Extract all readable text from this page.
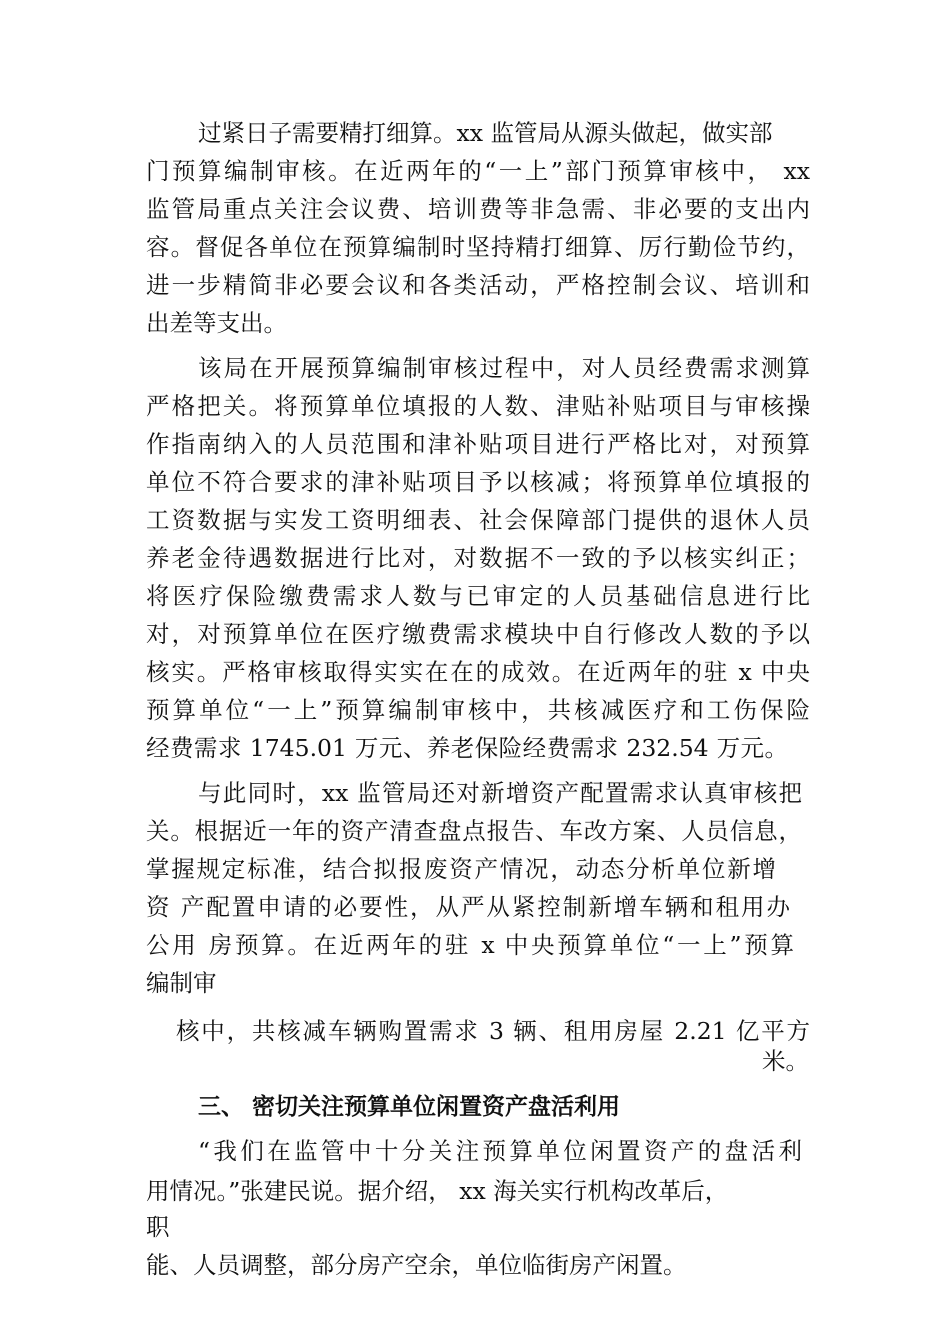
过紧日子需要精打细算。xx 监管局从源头做起，做实部
门预算编制审核。在近两年的“一上”部门预算审核中， xx
监管局重点关注会议费、培训费等非急需、非必要的支出内
容。督促各单位在预算编制时坚持精打细算、厉行勤俭节约，
进一步精简非必要会议和各类活动，严格控制会议、培训和
出差等支出。
该局在开展预算编制审核过程中，对人员经费需求测算
严格把关。将预算单位填报的人数、津贴补贴项目与审核操
作指南纳入的人员范围和津补贴项目进行严格比对，对预算
单位不符合要求的津补贴项目予以核减；将预算单位填报的
工资数据与实发工资明细表、社会保障部门提供的退休人员
养老金待遇数据进行比对，对数据不一致的予以核实纠正；
将医疗保险缴费需求人数与已审定的人员基础信息进行比
对，对预算单位在医疗缴费需求模块中自行修改人数的予以
核实。严格审核取得实实在在的成效。在近两年的驻 x 中央
预算单位“一上”预算编制审核中，共核减医疗和工伤保险
经费需求 1745.01 万元、养老保险经费需求 232.54 万元。
与此同时，xx 监管局还对新增资产配置需求认真审核把
关。根据近一年的资产清查盘点报告、车改方案、人员信息，
掌握规定标准，结合拟报废资产情况，动态分析单位新增
资 产配置申请的必要性，从严从紧控制新增车辆和租用办
公用 房预算。在近两年的驻 x 中央预算单位“一上”预算
编制审
核中，共核减车辆购置需求 3 辆、租用房屋 2.21 亿平方
米。
三、 密切关注预算单位闲置资产盘活利用
“我们在监管中十分关注预算单位闲置资产的盘活利
用情况。”张建民说。据介绍， xx 海关实行机构改革后，
职
能、人员调整，部分房产空余，单位临街房产闲置。
